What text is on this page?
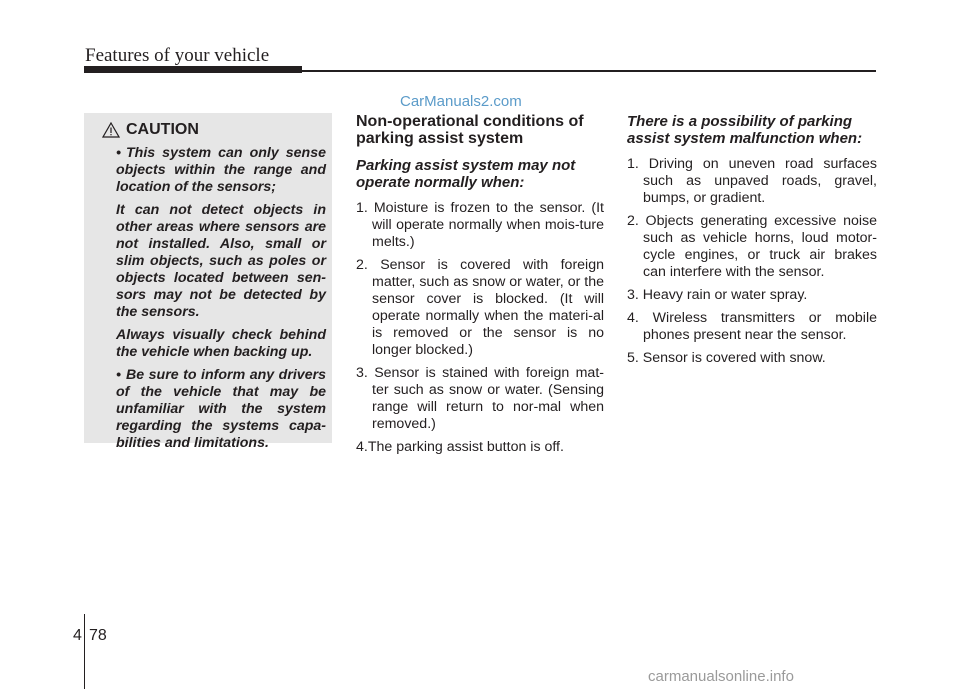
Features of your vehicle
CarManuals2.com
CAUTION

• This system can only sense objects within the range and location of the sensors;

It can not detect objects in other areas where sensors are not installed. Also, small or slim objects, such as poles or objects located between sen-sors may not be detected by the sensors.

Always visually check behind the vehicle when backing up.

• Be sure to inform any drivers of the vehicle that may be unfamiliar with the system regarding the systems capa-bilities and limitations.

Non-operational conditions of parking assist system
Parking assist system may not operate normally when:
1. Moisture is frozen to the sensor. (It will operate normally when mois-ture melts.)
2. Sensor is covered with foreign matter, such as snow or water, or the sensor cover is blocked. (It will operate normally when the materi-al is removed or the sensor is no longer blocked.)
3. Sensor is stained with foreign mat-ter such as snow or water. (Sensing range will return to nor-mal when removed.)
4.The parking assist button is off.
There is a possibility of parking assist system malfunction when:
1. Driving on uneven road surfaces such as unpaved roads, gravel, bumps, or gradient.
2. Objects generating excessive noise such as vehicle horns, loud motor-cycle engines, or truck air brakes can interfere with the sensor.
3. Heavy rain or water spray.
4. Wireless transmitters or mobile phones present near the sensor.
5. Sensor is covered with snow.
4 78
carmanualsonline.info
